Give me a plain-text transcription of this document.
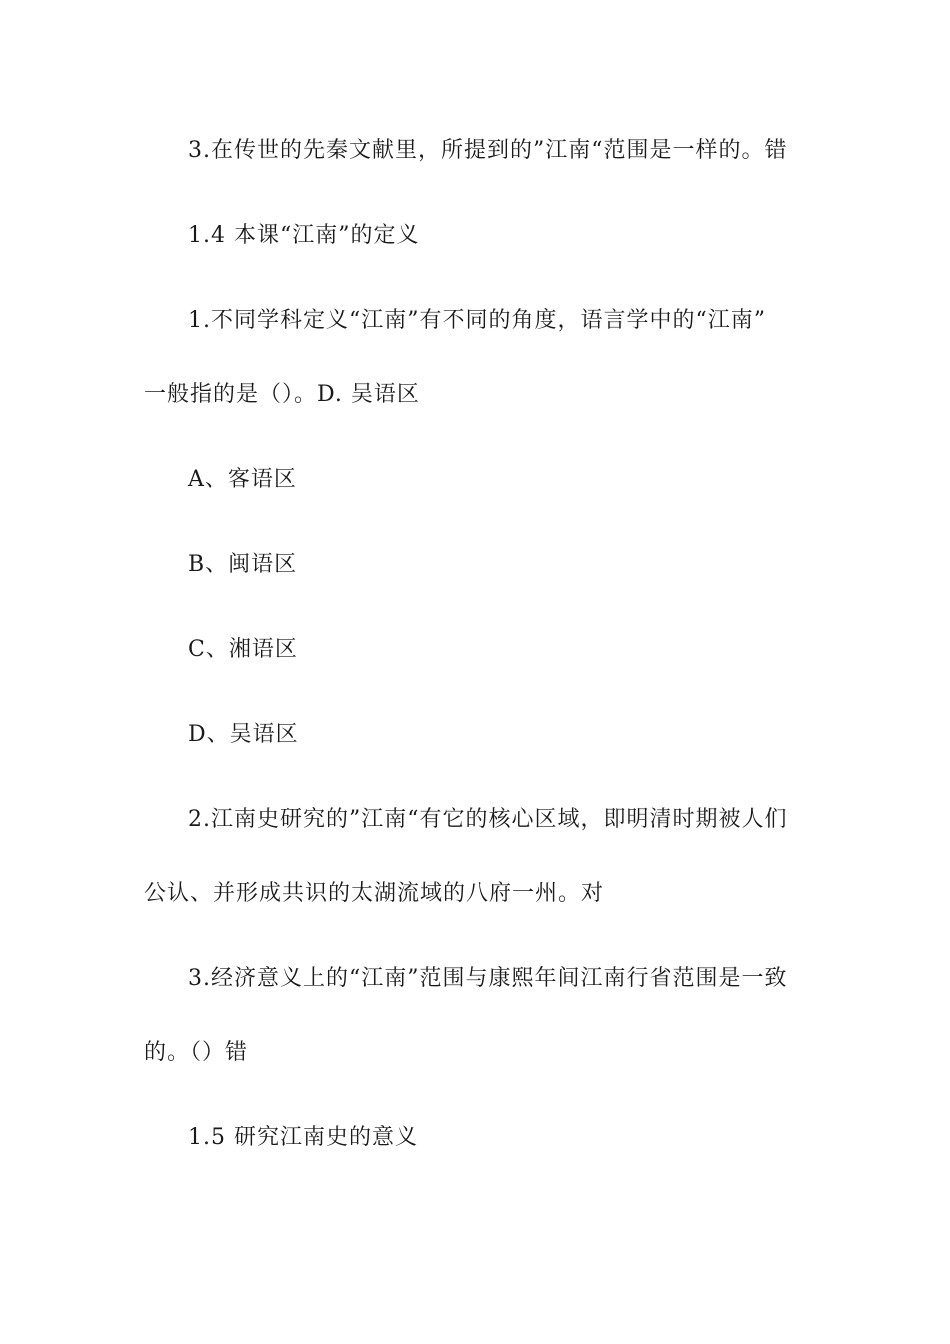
3.在传世的先秦文献里，所提到的”江南“范围是一样的。错
1.4 本课“江南”的定义
1.不同学科定义“江南”有不同的角度，语言学中的“江南”
一般指的是（）。D. 吴语区
A、客语区
B、闽语区
C、湘语区
D、吴语区
2.江南史研究的”江南“有它的核心区域，即明清时期被人们
公认、并形成共识的太湖流域的八府一州。对
3.经济意义上的“江南”范围与康熙年间江南行省范围是一致
的。（）错
1.5 研究江南史的意义
